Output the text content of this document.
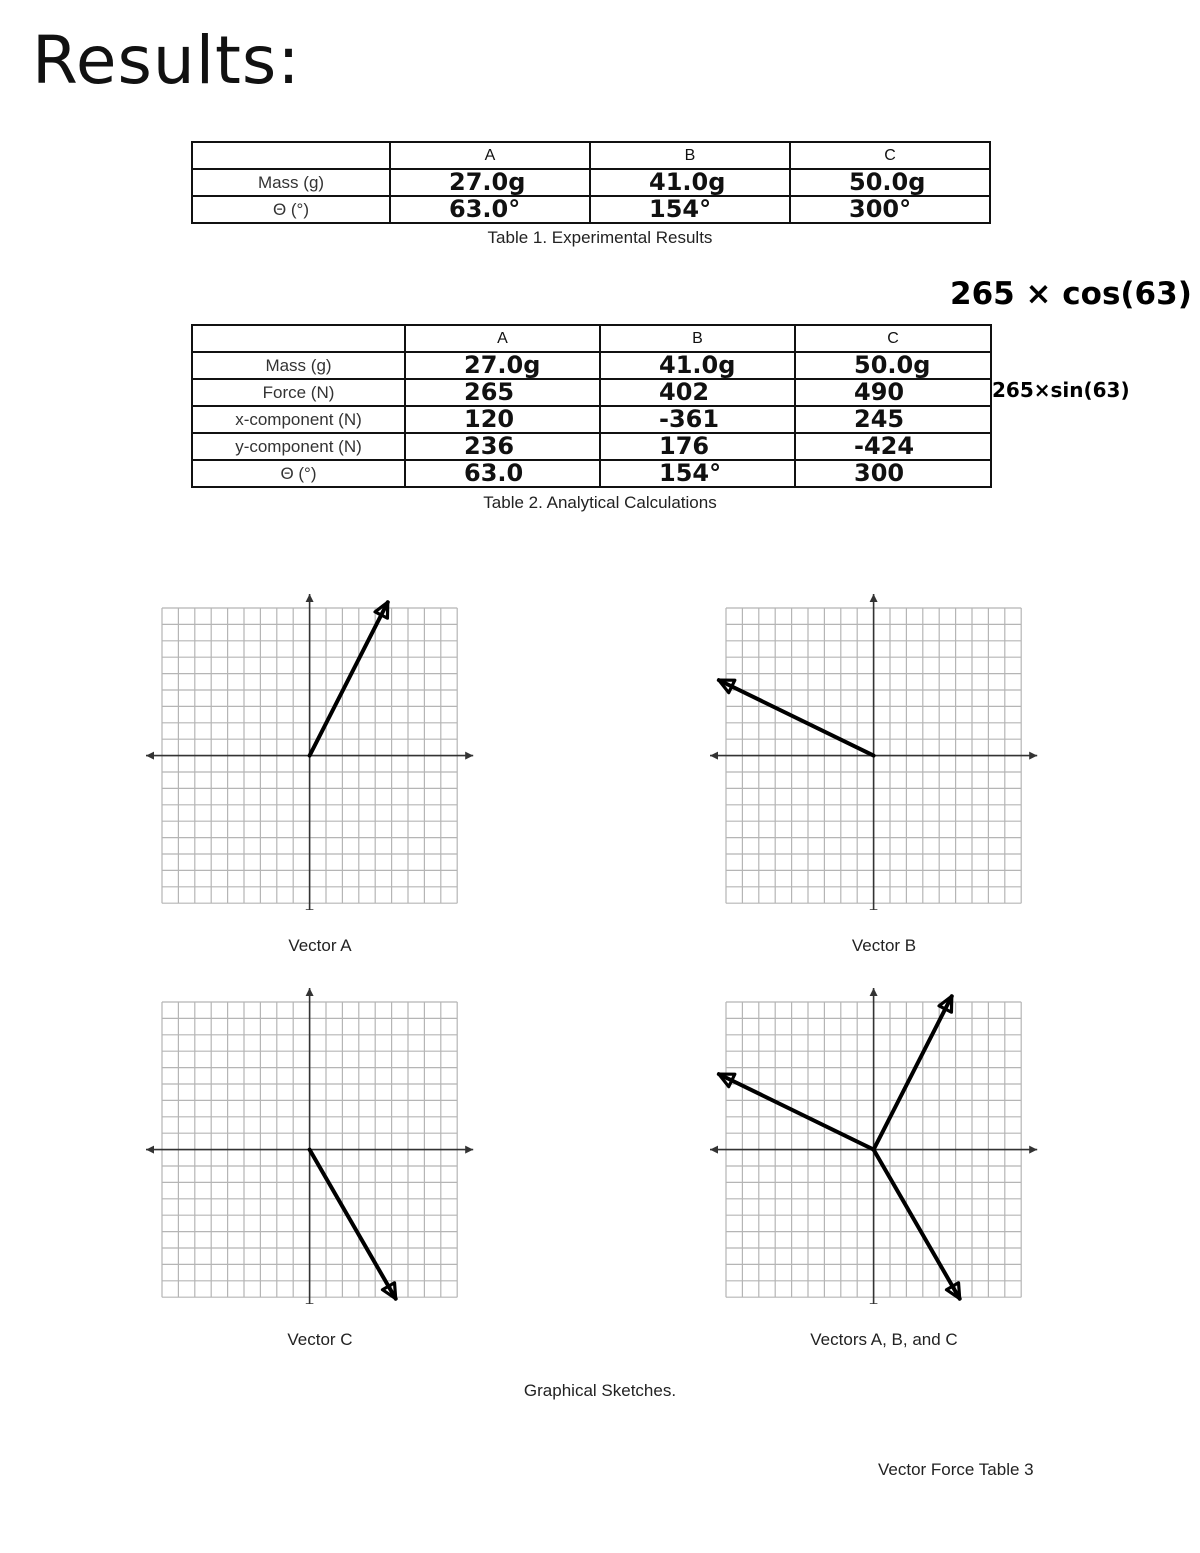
Results:
	A	B	C
Mass (g)	27.0g	41.0g	50.0g
Θ (°)	63.0°	154°	300°
Table 1. Experimental Results
265 × cos(63)
265×sin(63)
	A	B	C
Mass (g)	27.0g	41.0g	50.0g
Force (N)	265	402	490
x-component (N)	120	-361	245
y-component (N)	236	176	-424
Θ (°)	63.0	154°	300
Table 2. Analytical Calculations
Vector A	Vector B
Vector C	Vectors A, B, and C
Graphical Sketches.
Vector Force Table 3
